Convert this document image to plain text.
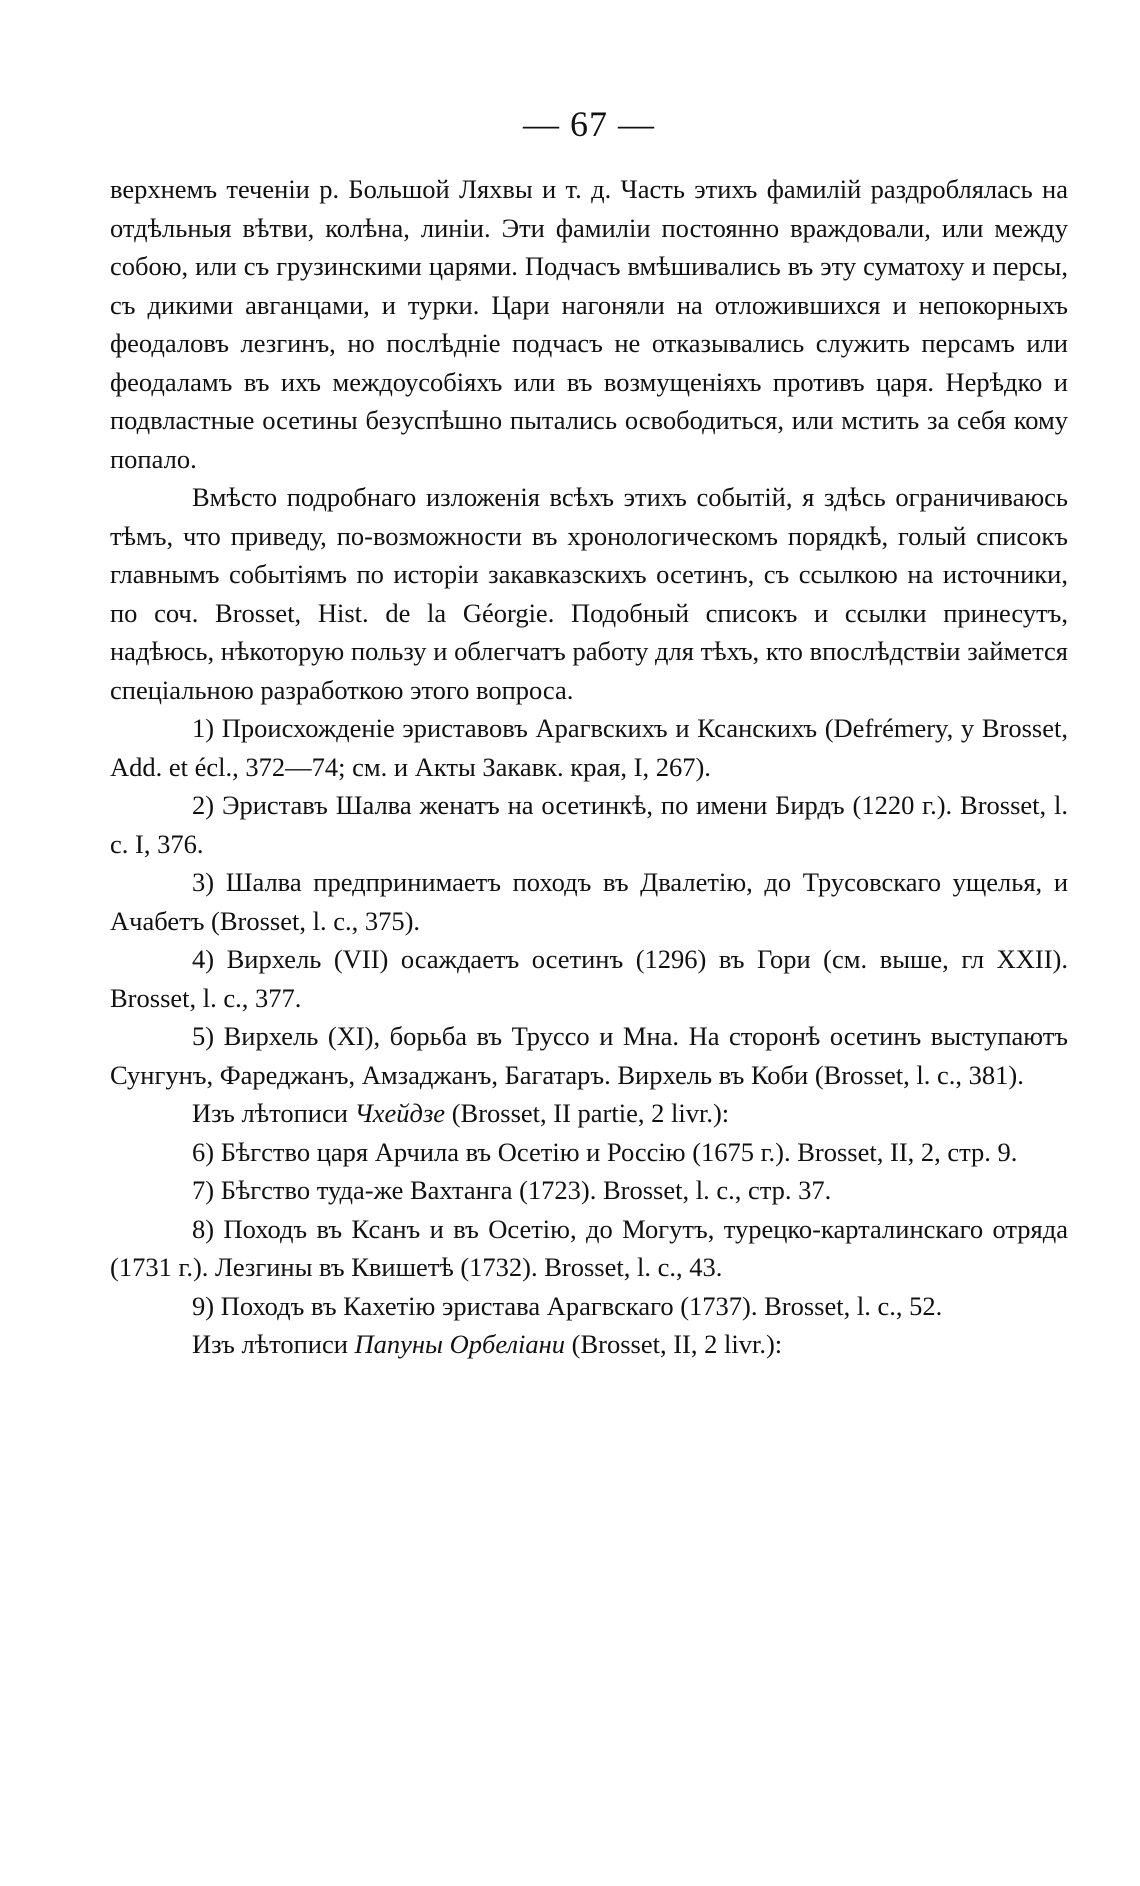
— 67 —

верхнемъ теченіи р. Большой Ляхвы и т. д. Часть этихъ фамилій раздроблялась на отдѣльныя вѣтви, колѣна, линіи. Эти фамиліи постоянно враждовали, или между собою, или съ грузинскими царями. Подчасъ вмѣшивались въ эту суматоху и персы, съ дикими авганцами, и турки. Цари нагоняли на отложившихся и непокорныхъ феодаловъ лезгинъ, но послѣдніе подчасъ не отказывались служить персамъ или феодаламъ въ ихъ междоусобіяхъ или въ возмущеніяхъ противъ царя. Нерѣдко и подвластные осетины безуспѣшно пытались освободиться, или мстить за себя кому попало.

Вмѣсто подробнаго изложенія всѣхъ этихъ событій, я здѣсь ограничиваюсь тѣмъ, что приведу, по-возможности въ хронологическомъ порядкѣ, голый списокъ главнымъ событіямъ по исторіи закавказскихъ осетинъ, съ ссылкою на источники, по соч. Brosset, Hist. de la Géorgie. Подобный списокъ и ссылки принесутъ, надѣюсь, нѣкоторую пользу и облегчатъ работу для тѣхъ, кто впослѣдствіи займется спеціальною разработкою этого вопроса.

1) Происхожденіе эриставовъ Арагвскихъ и Ксанскихъ (Defrémery, у Brosset, Add. et écl., 372—74; см. и Акты Закавк. края, I, 267).

2) Эриставъ Шалва женатъ на осетинкѣ, по имени Бирдъ (1220 г.). Brosset, l. c. I, 376.

3) Шалва предпринимаетъ походъ въ Двалетію, до Трусовскаго ущелья, и Ачабетъ (Brosset, l. c., 375).

4) Вирхель (VII) осаждаетъ осетинъ (1296) въ Гори (см. выше, гл XXII). Brosset, l. c., 377.

5) Вирхель (XI), борьба въ Труссо и Мна. На сторонѣ осетинъ выступаютъ Сунгунъ, Фареджанъ, Амзаджанъ, Багатаръ. Вирхель въ Коби (Brosset, l. c., 381).

Изъ лѣтописи Чхейдзе (Brosset, II partie, 2 livr.):

6) Бѣгство царя Арчила въ Осетію и Россію (1675 г.). Brosset, II, 2, стр. 9.

7) Бѣгство туда-же Вахтанга (1723). Brosset, l. c., стр. 37.

8) Походъ въ Ксанъ и въ Осетію, до Могутъ, турецко-карталинскаго отряда (1731 г.). Лезгины въ Квишетѣ (1732). Brosset, l. c., 43.

9) Походъ въ Кахетію эристава Арагвскаго (1737). Brosset, l. c., 52.

Изъ лѣтописи Папуны Орбеліани (Brosset, II, 2 livr.):
